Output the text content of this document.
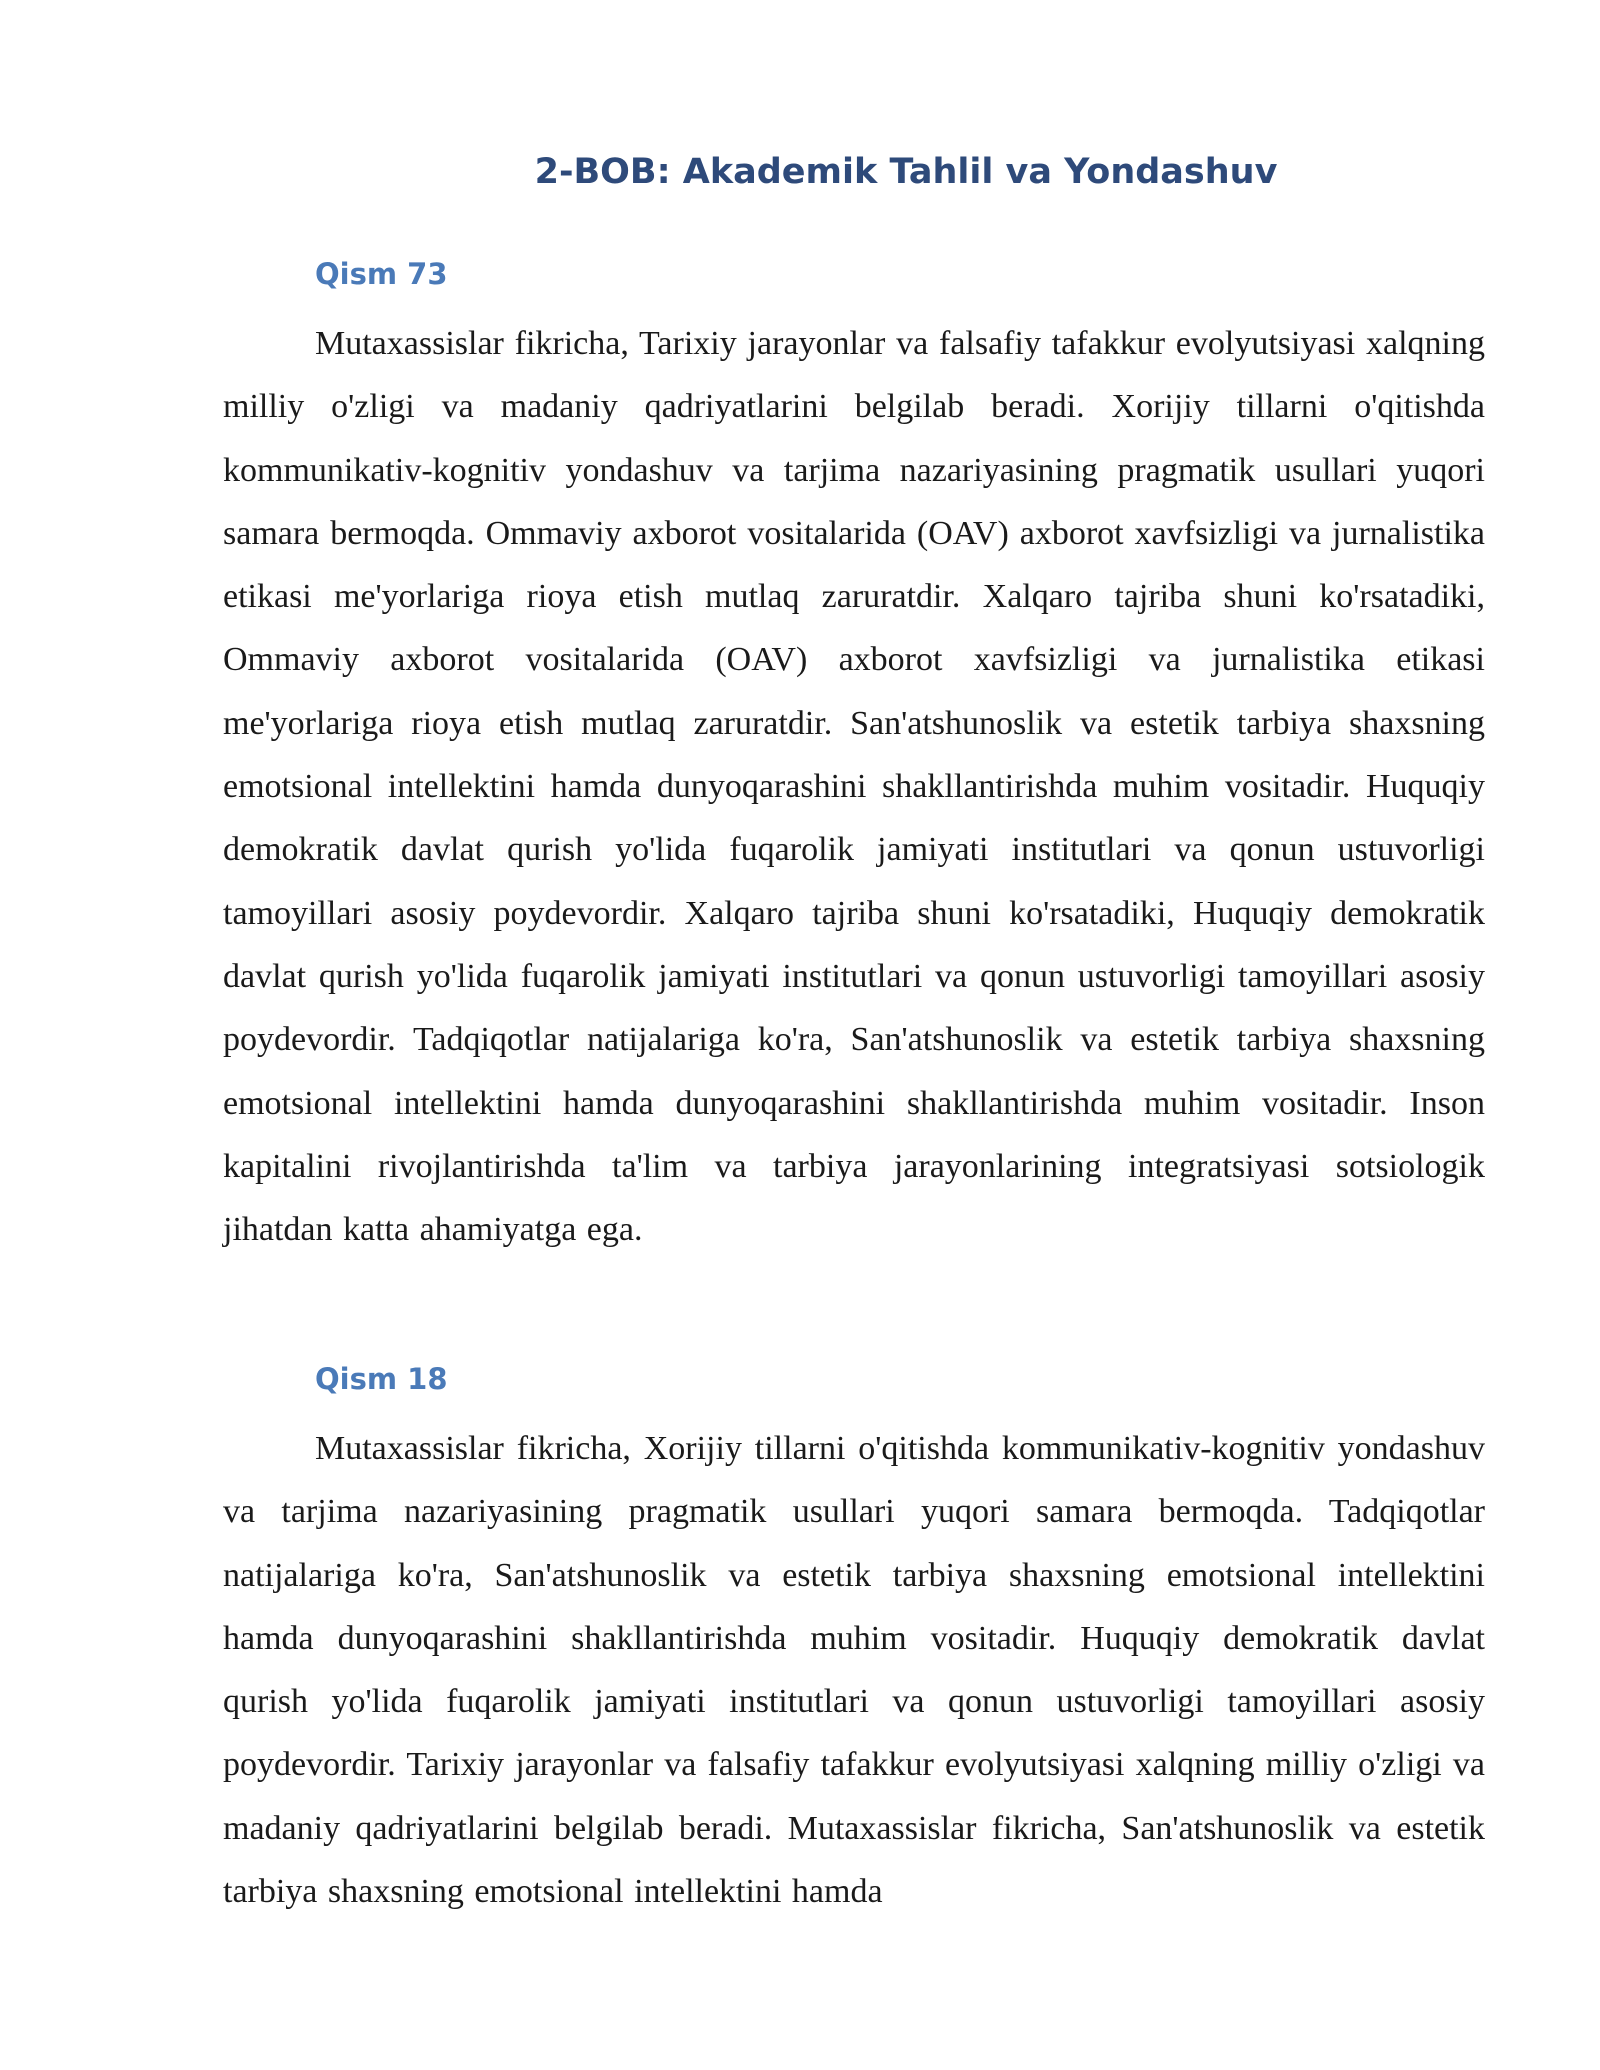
2-BOB: Akademik Tahlil va Yondashuv
Qism 73

Mutaxassislar fikricha, Tarixiy jarayonlar va falsafiy tafakkur evolyutsiyasi xalqning milliy o'zligi va madaniy qadriyatlarini belgilab beradi. Xorijiy tillarni o'qitishda kommunikativ-kognitiv yondashuv va tarjima nazariyasining pragmatik usullari yuqori samara bermoqda. Ommaviy axborot vositalarida (OAV) axborot xavfsizligi va jurnalistika etikasi me'yorlariga rioya etish mutlaq zaruratdir. Xalqaro tajriba shuni ko'rsatadiki, Ommaviy axborot vositalarida (OAV) axborot xavfsizligi va jurnalistika etikasi me'yorlariga rioya etish mutlaq zaruratdir. San'atshunoslik va estetik tarbiya shaxsning emotsional intellektini hamda dunyoqarashini shakllantirishda muhim vositadir. Huquqiy demokratik davlat qurish yo'lida fuqarolik jamiyati institutlari va qonun ustuvorligi tamoyillari asosiy poydevordir. Xalqaro tajriba shuni ko'rsatadiki, Huquqiy demokratik davlat qurish yo'lida fuqarolik jamiyati institutlari va qonun ustuvorligi tamoyillari asosiy poydevordir. Tadqiqotlar natijalariga ko'ra, San'atshunoslik va estetik tarbiya shaxsning emotsional intellektini hamda dunyoqarashini shakllantirishda muhim vositadir. Inson kapitalini rivojlantirishda ta'lim va tarbiya jarayonlarining integratsiyasi sotsiologik jihatdan katta ahamiyatga ega.

Qism 18

Mutaxassislar fikricha, Xorijiy tillarni o'qitishda kommunikativ-kognitiv yondashuv va tarjima nazariyasining pragmatik usullari yuqori samara bermoqda. Tadqiqotlar natijalariga ko'ra, San'atshunoslik va estetik tarbiya shaxsning emotsional intellektini hamda dunyoqarashini shakllantirishda muhim vositadir. Huquqiy demokratik davlat qurish yo'lida fuqarolik jamiyati institutlari va qonun ustuvorligi tamoyillari asosiy poydevordir. Tarixiy jarayonlar va falsafiy tafakkur evolyutsiyasi xalqning milliy o'zligi va madaniy qadriyatlarini belgilab beradi. Mutaxassislar fikricha, San'atshunoslik va estetik tarbiya shaxsning emotsional intellektini hamda
